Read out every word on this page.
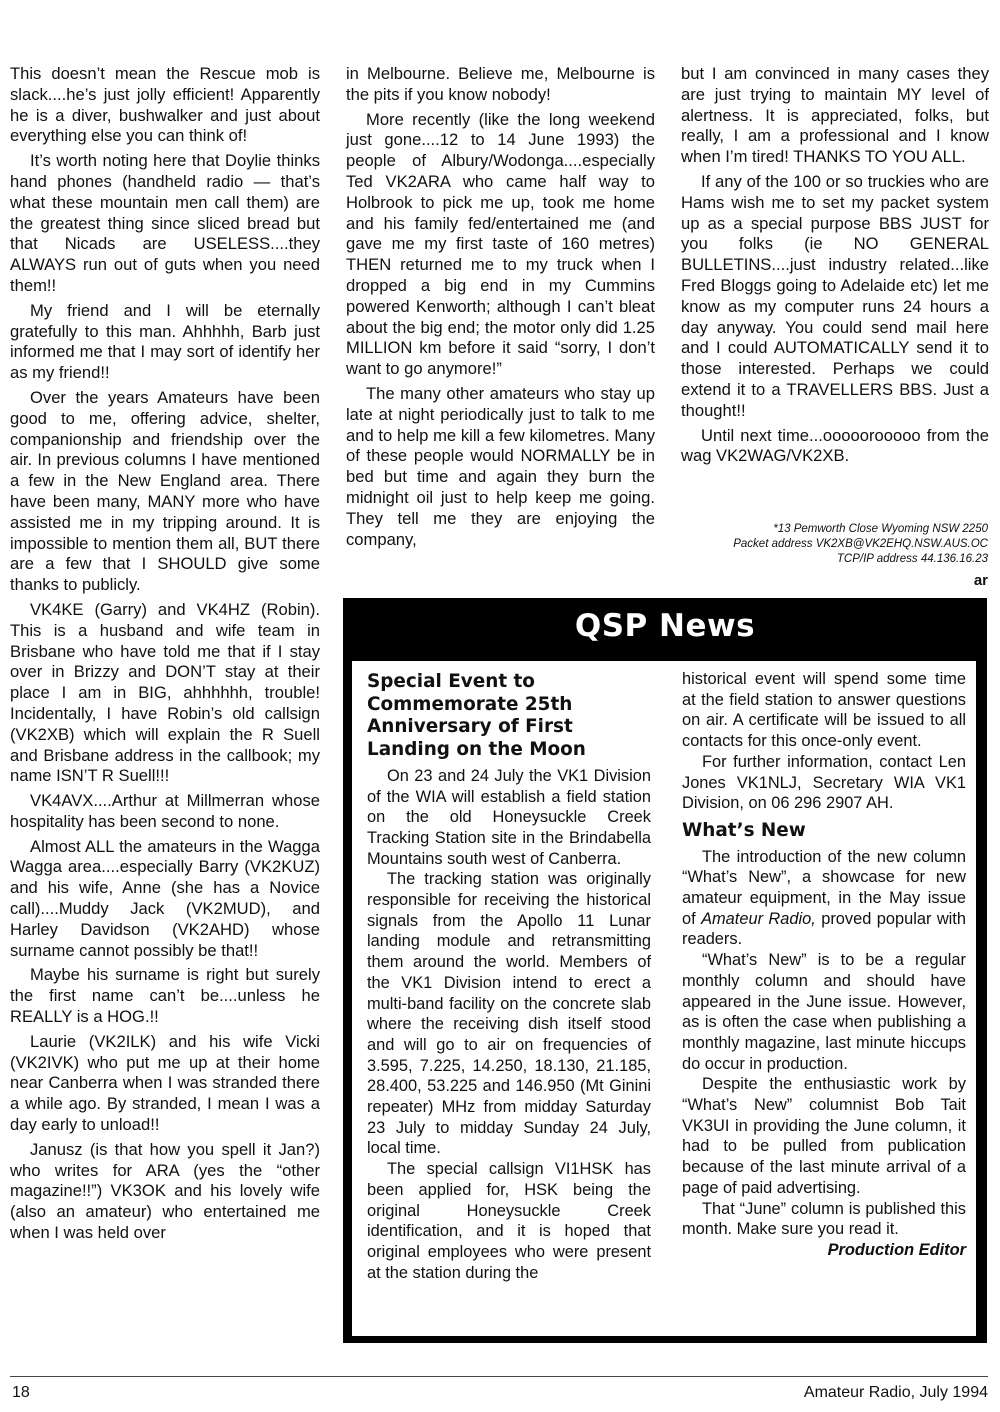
This doesn’t mean the Rescue mob is slack....he’s just jolly efficient! Apparently he is a diver, bushwalker and just about everything else you can think of!

It’s worth noting here that Doylie thinks hand phones (handheld radio — that’s what these mountain men call them) are the greatest thing since sliced bread but that Nicads are USELESS....they ALWAYS run out of guts when you need them!!

My friend and I will be eternally gratefully to this man. Ahhhhh, Barb just informed me that I may sort of identify her as my friend!!

Over the years Amateurs have been good to me, offering advice, shelter, companionship and friendship over the air. In previous columns I have mentioned a few in the New England area. There have been many, MANY more who have assisted me in my tripping around. It is impossible to mention them all, BUT there are a few that I SHOULD give some thanks to publicly.

VK4KE (Garry) and VK4HZ (Robin). This is a husband and wife team in Brisbane who have told me that if I stay over in Brizzy and DON’T stay at their place I am in BIG, ahhhhhh, trouble! Incidentally, I have Robin’s old callsign (VK2XB) which will explain the R Suell and Brisbane address in the callbook; my name ISN’T R Suell!!!

VK4AVX....Arthur at Millmerran whose hospitality has been second to none.

Almost ALL the amateurs in the Wagga Wagga area....especially Barry (VK2KUZ) and his wife, Anne (she has a Novice call)....Muddy Jack (VK2MUD), and Harley Davidson (VK2AHD) whose surname cannot possibly be that!!

Maybe his surname is right but surely the first name can’t be....unless he REALLY is a HOG.!!

Laurie (VK2ILK) and his wife Vicki (VK2IVK) who put me up at their home near Canberra when I was stranded there a while ago. By stranded, I mean I was a day early to unload!!

Janusz (is that how you spell it Jan?) who writes for ARA (yes the “other magazine!!”) VK3OK and his lovely wife (also an amateur) who entertained me when I was held over

in Melbourne. Believe me, Melbourne is the pits if you know nobody!

More recently (like the long weekend just gone....12 to 14 June 1993) the people of Albury/Wodonga....especially Ted VK2ARA who came half way to Holbrook to pick me up, took me home and his family fed/entertained me (and gave me my first taste of 160 metres) THEN returned me to my truck when I dropped a big end in my Cummins powered Kenworth; although I can’t bleat about the big end; the motor only did 1.25 MILLION km before it said “sorry, I don’t want to go anymore!”

The many other amateurs who stay up late at night periodically just to talk to me and to help me kill a few kilometres. Many of these people would NORMALLY be in bed but time and again they burn the midnight oil just to help keep me going. They tell me they are enjoying the company,

but I am convinced in many cases they are just trying to maintain MY level of alertness. It is appreciated, folks, but really, I am a professional and I know when I’m tired! THANKS TO YOU ALL.

If any of the 100 or so truckies who are Hams wish me to set my packet system up as a special purpose BBS JUST for you folks (ie NO GENERAL BULLETINS....just industry related...like Fred Bloggs going to Adelaide etc) let me know as my computer runs 24 hours a day anyway. You could send mail here and I could AUTOMATICALLY send it to those interested. Perhaps we could extend it to a TRAVELLERS BBS. Just a thought!!

Until next time...ooooorooooo from the wag VK2WAG/VK2XB.

*13 Pemworth Close Wyoming NSW 2250
Packet address VK2XB@VK2EHQ.NSW.AUS.OC
TCP/IP address 44.136.16.23
ar
QSP News
Special Event to Commemorate 25th Anniversary of First Landing on the Moon

On 23 and 24 July the VK1 Division of the WIA will establish a field station on the old Honeysuckle Creek Tracking Station site in the Brindabella Mountains south west of Canberra.

The tracking station was originally responsible for receiving the historical signals from the Apollo 11 Lunar landing module and retransmitting them around the world. Members of the VK1 Division intend to erect a multi-band facility on the concrete slab where the receiving dish itself stood and will go to air on frequencies of 3.595, 7.225, 14.250, 18.130, 21.185, 28.400, 53.225 and 146.950 (Mt Ginini repeater) MHz from midday Saturday 23 July to midday Sunday 24 July, local time.

The special callsign VI1HSK has been applied for, HSK being the original Honeysuckle Creek identification, and it is hoped that original employees who were present at the station during the

historical event will spend some time at the field station to answer questions on air. A certificate will be issued to all contacts for this once-only event.

For further information, contact Len Jones VK1NLJ, Secretary WIA VK1 Division, on 06 296 2907 AH.

What’s New

The introduction of the new column “What’s New”, a showcase for new amateur equipment, in the May issue of Amateur Radio, proved popular with readers.

“What’s New” is to be a regular monthly column and should have appeared in the June issue. However, as is often the case when publishing a monthly magazine, last minute hiccups do occur in production.

Despite the enthusiastic work by “What’s New” columnist Bob Tait VK3UI in providing the June column, it had to be pulled from publication because of the last minute arrival of a page of paid advertising.

That “June” column is published this month. Make sure you read it.

Production Editor
18	Amateur Radio, July 1994
